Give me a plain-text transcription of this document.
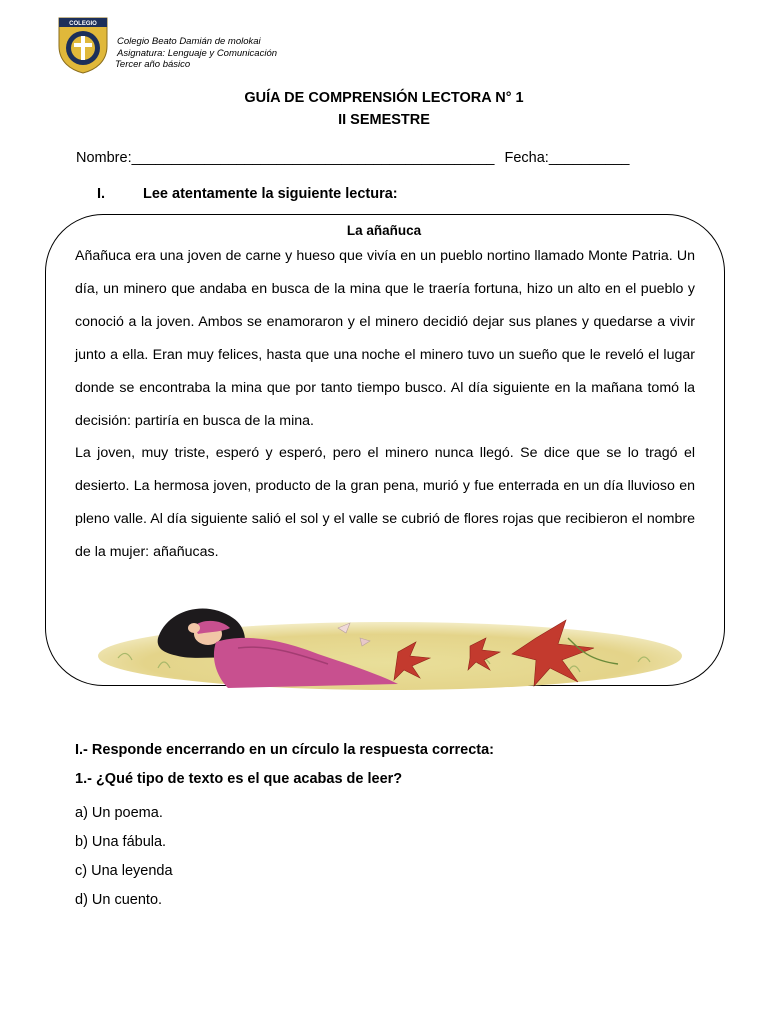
COLEGIO
Colegio Beato Damián de molokai
Asignatura: Lenguaje y Comunicación
Tercer año básico
GUÍA DE COMPRENSIÓN LECTORA N° 1
II SEMESTRE
Nombre:_____________________________________________ Fecha:__________
I.	Lee atentamente la siguiente lectura:
La añañuca

Añañuca era una joven de carne y hueso que vivía en un pueblo nortino llamado Monte Patria. Un día, un minero que andaba en busca de la mina que le traería fortuna, hizo un alto en el pueblo y conoció a la joven. Ambos se enamoraron y el minero decidió dejar sus planes y quedarse a vivir junto a ella. Eran muy felices, hasta que una noche el minero tuvo un sueño que le reveló el lugar donde se encontraba la mina que por tanto tiempo busco. Al día siguiente en la mañana tomó la decisión: partiría en busca de la mina.

La joven, muy triste, esperó y esperó, pero el minero nunca llegó. Se dice que se lo tragó el desierto. La hermosa joven, producto de la gran pena, murió y fue enterrada en un día lluvioso en pleno valle. Al día siguiente salió el sol y el valle se cubrió de flores rojas que recibieron el nombre de la mujer: añañucas.

I.- Responde encerrando en un círculo la respuesta correcta:
1.- ¿Qué tipo de texto es el que acabas de leer?
a) Un poema.
b) Una fábula.
c) Una leyenda
d) Un cuento.
